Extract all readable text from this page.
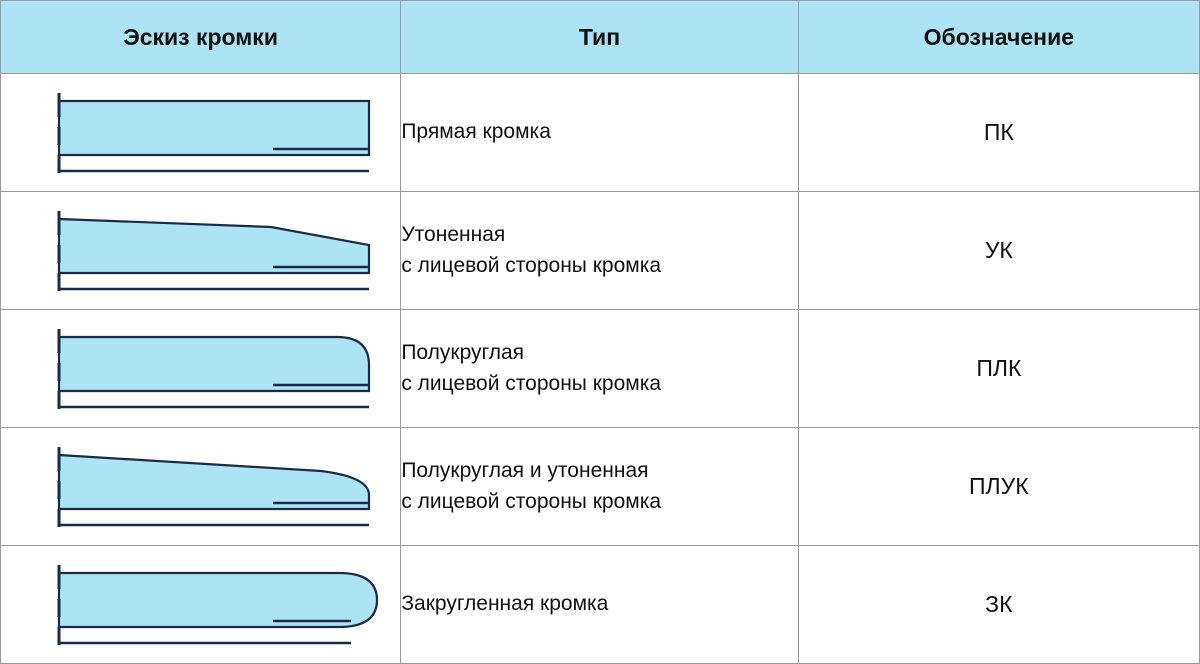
Эскиз кромки	Тип	Обозначение

	Прямая кромка	ПК

	Утоненная
с лицевой стороны кромка	УК

	Полукруглая
с лицевой стороны кромка	ПЛК

	Полукруглая и утоненная
с лицевой стороны кромка	ПЛУК

	Закругленная кромка	ЗК
